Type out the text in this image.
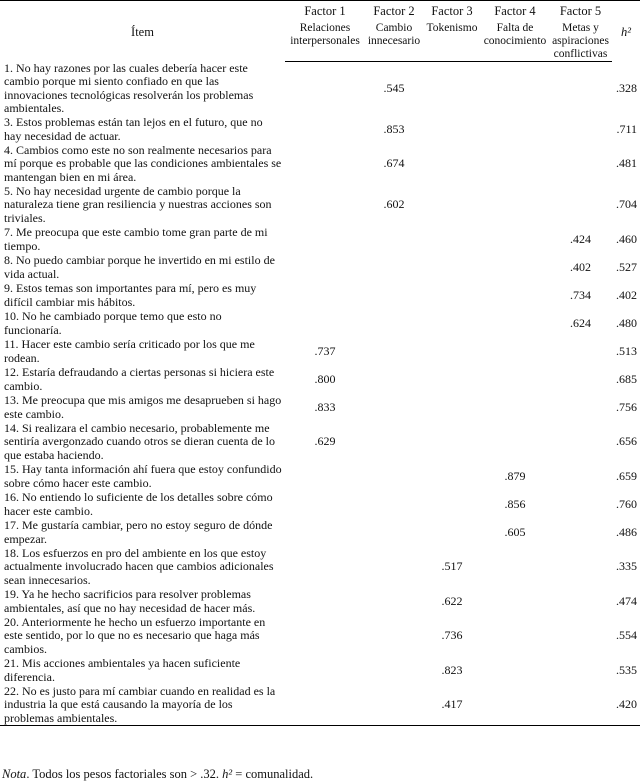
Ítem	Factor 1	Factor 2	Factor 3	Factor 4	Factor 5	h²
	Relaciones interpersonales	Cambio innecesario	Tokenismo	Falta de conocimiento	Metas y aspiraciones conflictivas	
1. No hay razones por las cuales debería hacer este cambio porque mi siento confiado en que las innovaciones tecnológicas resolverán los problemas ambientales.		.545				.328
3. Estos problemas están tan lejos en el futuro, que no hay necesidad de actuar.		.853				.711
4. Cambios como este no son realmente necesarios para mí porque es probable que las condiciones ambientales se mantengan bien en mi área.		.674				.481
5. No hay necesidad urgente de cambio porque la naturaleza tiene gran resiliencia y nuestras acciones son triviales.		.602				.704
7. Me preocupa que este cambio tome gran parte de mi tiempo.					.424	.460
8. No puedo cambiar porque he invertido en mi estilo de vida actual.					.402	.527
9. Estos temas son importantes para mí, pero es muy difícil cambiar mis hábitos.					.734	.402
10. No he cambiado porque temo que esto no funcionaría.					.624	.480
11. Hacer este cambio sería criticado por los que me rodean.	.737					.513
12. Estaría defraudando a ciertas personas si hiciera este cambio.	.800					.685
13. Me preocupa que mis amigos me desaprueben si hago este cambio.	.833					.756
14. Si realizara el cambio necesario, probablemente me sentiría avergonzado cuando otros se dieran cuenta de lo que estaba haciendo.	.629					.656
15. Hay tanta información ahí fuera que estoy confundido sobre cómo hacer este cambio.				.879		.659
16. No entiendo lo suficiente de los detalles sobre cómo hacer este cambio.				.856		.760
17. Me gustaría cambiar, pero no estoy seguro de dónde empezar.				.605		.486
18. Los esfuerzos en pro del ambiente en los que estoy actualmente involucrado hacen que cambios adicionales sean innecesarios.			.517			.335
19. Ya he hecho sacrificios para resolver problemas ambientales, así que no hay necesidad de hacer más.			.622			.474
20. Anteriormente he hecho un esfuerzo importante en este sentido, por lo que no es necesario que haga más cambios.			.736			.554
21. Mis acciones ambientales ya hacen suficiente diferencia.			.823			.535
22. No es justo para mí cambiar cuando en realidad es la industria la que está causando la mayoría de los problemas ambientales.			.417			.420
Nota. Todos los pesos factoriales son > .32. h² = comunalidad.
